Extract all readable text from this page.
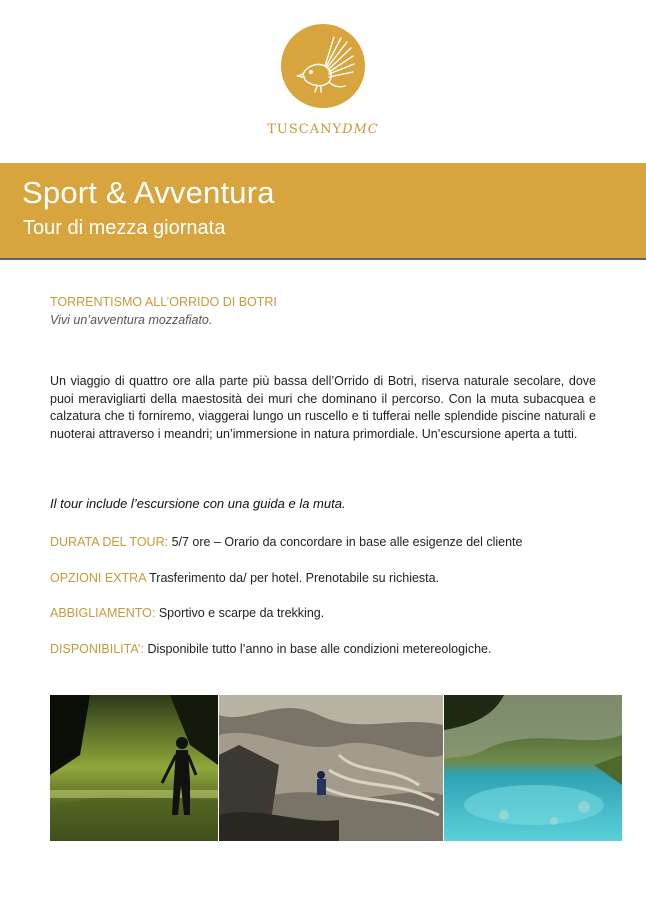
TUSCANYDMC
Sport & Avventura

Tour di mezza giornata

TORRENTISMO ALL’ORRIDO DI BOTRI

Vivi un’avventura mozzafiato.

Un viaggio di quattro ore alla parte più bassa dell’Orrido di Botri, riserva naturale secolare, dove puoi meravigliarti della maestosità dei muri che dominano il percorso. Con la muta subacquea e calzatura che ti forniremo, viaggerai lungo un ruscello e ti tufferai nelle splendide piscine naturali e nuoterai attraverso i meandri; un’immersione in natura primordiale. Un’escursione aperta a tutti.

Il tour include l’escursione con una guida e la muta.

DURATA DEL TOUR: 5/7 ore – Orario da concordare in base alle esigenze del cliente

OPZIONI EXTRA Trasferimento da/ per hotel. Prenotabile su richiesta.

ABBIGLIAMENTO: Sportivo e scarpe da trekking.

DISPONIBILITA’: Disponibile tutto l’anno in base alle condizioni metereologiche.
